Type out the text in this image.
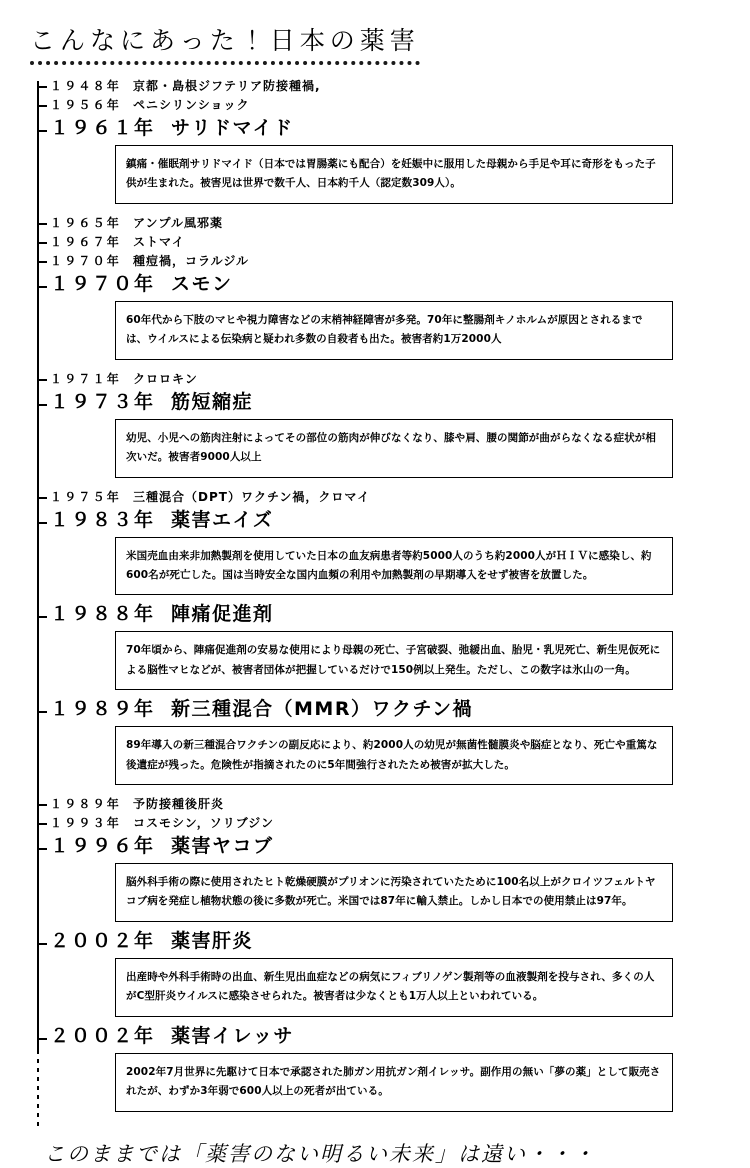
こんなにあった！日本の薬害
１９４８年 京都・島根ジフテリア防接種禍,
１９５６年 ペニシリンショック
１９６１年 サリドマイド
鎮痛・催眠剤サリドマイド（日本では胃腸薬にも配合）を妊娠中に服用した母親から手足や耳に奇形をもった子供が生まれた。被害児は世界で数千人、日本約千人（認定数309人）。
１９６５年 アンプル風邪薬
１９６７年 ストマイ
１９７０年 種痘禍，コラルジル
１９７０年 スモン
60年代から下肢のマヒや視力障害などの末梢神経障害が多発。70年に整腸剤キノホルムが原因とされるまでは、ウイルスによる伝染病と疑われ多数の自殺者も出た。被害者約1万2000人
１９７１年 クロロキン
１９７３年 筋短縮症
幼児、小児への筋肉注射によってその部位の筋肉が伸びなくなり、膝や肩、腰の関節が曲がらなくなる症状が相次いだ。被害者9000人以上
１９７５年 三種混合（DPT）ワクチン禍，クロマイ
１９８３年 薬害エイズ
米国売血由来非加熱製剤を使用していた日本の血友病患者等約5000人のうち約2000人がＨＩＶに感染し、約600名が死亡した。国は当時安全な国内血頻の利用や加熱製剤の早期導入をせず被害を放置した。
１９８８年 陣痛促進剤
70年頃から、陣痛促進剤の安易な使用により母親の死亡、子宮破裂、弛緩出血、胎児・乳児死亡、新生児仮死による脳性マヒなどが、被害者団体が把握しているだけで150例以上発生。ただし、この数字は氷山の一角。
１９８９年 新三種混合（MMR）ワクチン禍
89年導入の新三種混合ワクチンの副反応により、約2000人の幼児が無菌性髄膜炎や脳症となり、死亡や重篤な後遺症が残った。危険性が指摘されたのに5年間強行されたため被害が拡大した。
１９８９年 予防接種後肝炎
１９９３年 コスモシン，ソリブジン
１９９６年 薬害ヤコブ
脳外科手術の際に使用されたヒト乾燥硬膜がプリオンに汚染されていたために100名以上がクロイツフェルトヤコブ病を発症し植物状態の後に多数が死亡。米国では87年に輸入禁止。しかし日本での使用禁止は97年。
２００２年 薬害肝炎
出産時や外科手術時の出血、新生児出血症などの病気にフィブリノゲン製剤等の血液製剤を投与され、多くの人がC型肝炎ウイルスに感染させられた。被害者は少なくとも1万人以上といわれている。
２００２年 薬害イレッサ
2002年7月世界に先駆けて日本で承認された肺ガン用抗ガン剤イレッサ。副作用の無い「夢の薬」として販売されたが、わずか3年弱で600人以上の死者が出ている。
このままでは「薬害のない明るい未来」は遠い・・・
